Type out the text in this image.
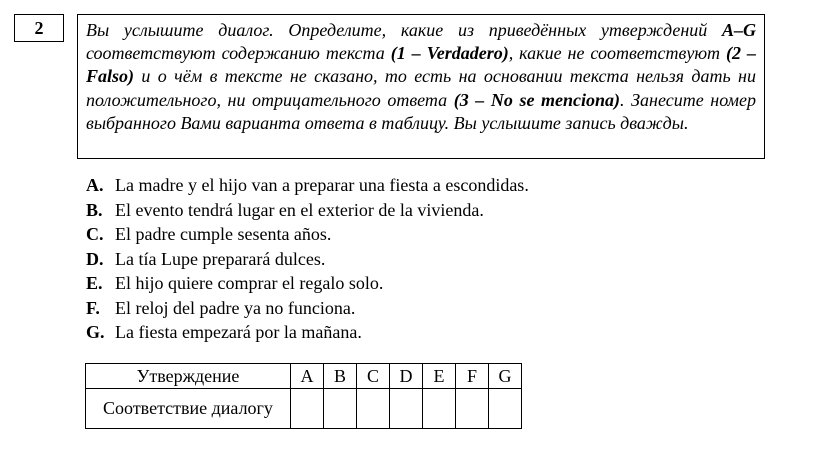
2	Вы услышите диалог. Определите, какие из приведённых утверждений A–G соответствуют содержанию текста (1 – Verdadero), какие не соответствуют (2 – Falso) и о чём в тексте не сказано, то есть на основании текста нельзя дать ни положительного, ни отрицательного ответа (3 – No se menciona). Занесите номер выбранного Вами варианта ответа в таблицу. Вы услышите запись дважды.
A. La madre y el hijo van a preparar una fiesta a escondidas.
B. El evento tendrá lugar en el exterior de la vivienda.
C. El padre cumple sesenta años.
D. La tía Lupe preparará dulces.
E. El hijo quiere comprar el regalo solo.
F. El reloj del padre ya no funciona.
G. La fiesta empezará por la mañana.
Утверждение	A	B	C	D	E	F	G
Соответствие диалогу							
